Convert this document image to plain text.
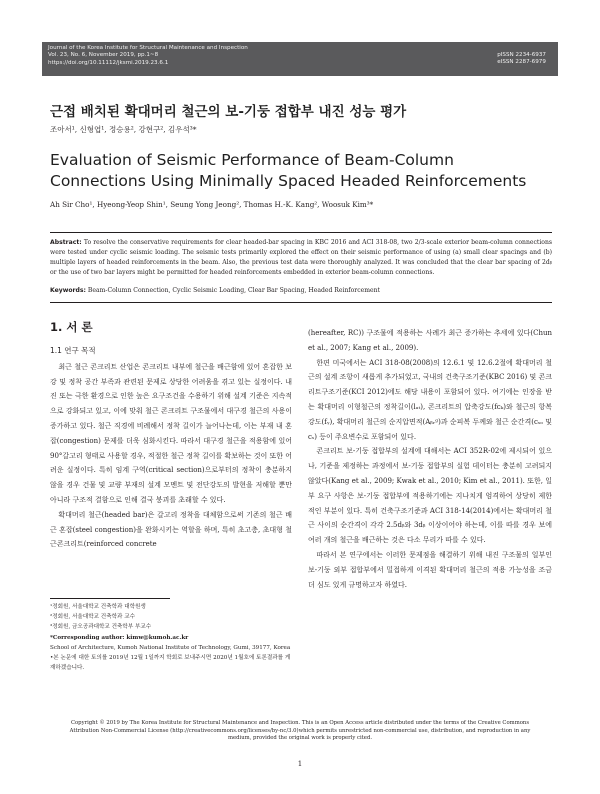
Journal of the Korea Institute for Structural Maintenance and Inspection
Vol. 23, No. 6, November 2019, pp.1~8
https://doi.org/10.11112/jksmi.2019.23.6.1
pISSN 2234-6937
eISSN 2287-6979
근접 배치된 확대머리 철근의 보-기둥 접합부 내진 성능 평가
조아서¹, 신형엽¹, 정승용², 강현구², 김우석³*
Evaluation of Seismic Performance of Beam-Column Connections Using Minimally Spaced Headed Reinforcements
Ah Sir Cho¹, Hyeong-Yeop Shin¹, Seung Yong Jeong², Thomas H.-K. Kang², Woosuk Kim³*
Abstract: To resolve the conservative requirements for clear headed-bar spacing in KBC 2016 and ACI 318-08, two 2/3-scale exterior beam-column connections were tested under cyclic seismic loading. The seismic tests primarily explored the effect on their seismic performance of using (a) small clear spacings and (b) multiple layers of headed reinforcements in the beam. Also, the previous test data were thoroughly analyzed. It was concluded that the clear bar spacing of 2dᵦ or the use of two bar layers might be permitted for headed reinforcements embedded in exterior beam-column connections.
Keywords: Beam-Column Connection, Cyclic Seismic Loading, Clear Bar Spacing, Headed Reinforcement
1. 서 론
1.1 연구 목적

최근 철근 콘크리트 산업은 콘크리트 내부에 철근을 배근함에 있어 혼잡한 보강 및 정착 공간 부족과 관련된 문제로 상당한 어려움을 겪고 있는 실정이다. 내진 또는 극한 환경으로 인한 높은 요구조건을 수용하기 위해 설계 기준은 지속적으로 강화되고 있고, 이에 맞춰 철근 콘크리트 구조물에서 대구경 철근의 사용이 증가하고 있다. 철근 직경에 비례해서 정착 길이가 늘어나는데, 이는 부재 내 혼잡(congestion) 문제를 더욱 심화시킨다. 따라서 대구경 철근을 적용함에 있어 90°갈고리 형태로 사용할 경우, 적절한 철근 정착 길이를 확보하는 것이 또한 어려운 실정이다. 특히 임계 구역(critical section)으로부터의 정착이 충분하지 않을 경우 건물 및 교량 부재의 설계 모멘트 및 전단강도의 발현을 저해할 뿐만 아니라 구조적 결함으로 인해 결국 붕괴를 초래할 수 있다.

확대머리 철근(headed bar)은 갈고리 정착을 대체함으로써 기존의 철근 배근 혼잡(steel congestion)을 완화시키는 역할을 하며, 특히 초고층, 초대형 철근콘크리트(reinforced concrete

(hereafter, RC)) 구조물에 적용하는 사례가 최근 증가하는 추세에 있다(Chun et al., 2007; Kang et al., 2009).

한편 미국에서는 ACI 318-08(2008)의 12.6.1 및 12.6.2절에 확대머리 철근의 설계 조항이 새롭게 추가되었고, 국내의 건축구조기준(KBC 2016) 및 콘크리트구조기준(KCI 2012)에도 해당 내용이 포함되어 있다. 여기에는 인장을 받는 확대머리 이형철근의 정착길이(lₐₜ), 콘크리트의 압축강도(fᴄₖ)와 철근의 항복강도(fᵧ), 확대머리 철근의 순지압면적(Aᵦᵣᵍ)과 순피복 두께와 철근 순간격(cₛₒ 및 cₛ) 등이 주요변수로 포함되어 있다.

콘크리트 보-기둥 접합부의 설계에 대해서는 ACI 352R-02에 제시되어 있으나, 기준을 제정하는 과정에서 보-기둥 접합부의 실험 데이터는 충분히 고려되지 않았다(Kang et al., 2009; Kwak et al., 2010; Kim et al., 2011). 또한, 일부 요구 사항은 보-기둥 접합부에 적용하기에는 지나치게 엄격하여 상당히 제한적인 부분이 있다. 특히 건축구조기준과 ACI 318-14(2014)에서는 확대머리 철근 사이의 순간격이 각각 2.5dᵦ와 3dᵦ 이상이어야 하는데, 이를 따를 경우 보에 여러 개의 철근을 배근하는 것은 다소 무리가 따를 수 있다.

따라서 본 연구에서는 이러한 문제점을 해결하기 위해 내진 구조물의 일부인 보-기둥 외부 접합부에서 밀접하게 이격된 확대머리 철근의 적용 가능성을 조금 더 심도 있게 규명하고자 하였다.

¹정회원, 서울대학교 건축학과 대학원생
²정회원, 서울대학교 건축학과 교수
³정회원, 금오공과대학교 건축학부 부교수
*Corresponding author: kimw@kumoh.ac.kr
School of Architecture, Kumoh National Institute of Technology, Gumi, 39177, Korea
•본 논문에 대한 토의를 2019년 12월 1일까지 학회로 보내주시면 2020년 1월호에 토론결과를 게재하겠습니다.
Copyright © 2019 by The Korea Institute for Structural Maintenance and Inspection. This is an Open Access article distributed under the terms of the Creative Commons Attribution Non-Commercial License (http://creativecommons.org/licenses/by-nc/3.0)which permits unrestricted non-commercial use, distribution, and reproduction in any medium, provided the original work is properly cited.
1
